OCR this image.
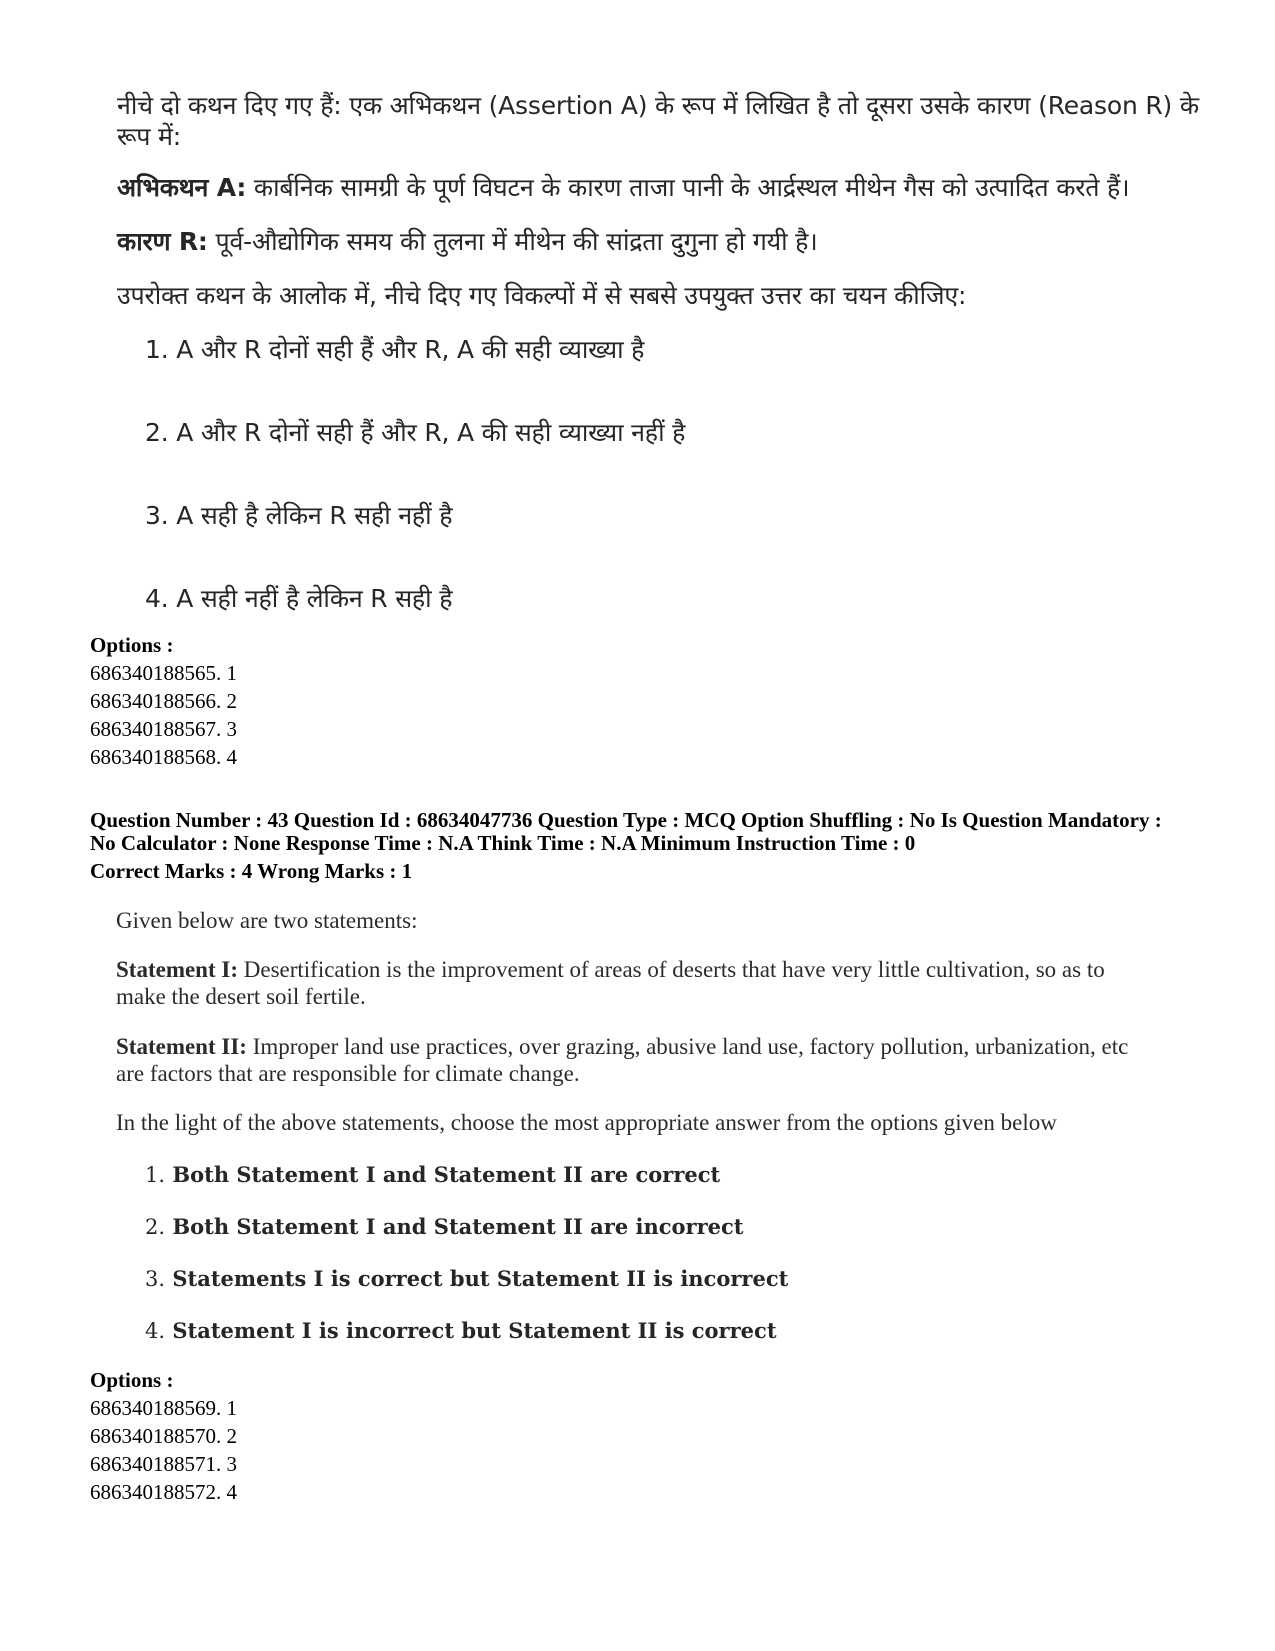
नीचे दो कथन दिए गए हैं: एक अभिकथन (Assertion A) के रूप में लिखित है तो दूसरा उसके कारण (Reason R) के
रूप में:
अभिकथन A: कार्बनिक सामग्री के पूर्ण विघटन के कारण ताजा पानी के आर्द्रस्थल मीथेन गैस को उत्पादित करते हैं।
कारण R: पूर्व-औद्योगिक समय की तुलना में मीथेन की सांद्रता दुगुना हो गयी है।
उपरोक्त कथन के आलोक में, नीचे दिए गए विकल्पों में से सबसे उपयुक्त उत्तर का चयन कीजिए:
1. A और R दोनों सही हैं और R, A की सही व्याख्या है
2. A और R दोनों सही हैं और R, A की सही व्याख्या नहीं है
3. A सही है लेकिन R सही नहीं है
4. A सही नहीं है लेकिन R सही है
Options :
686340188565. 1
686340188566. 2
686340188567. 3
686340188568. 4
Question Number : 43 Question Id : 68634047736 Question Type : MCQ Option Shuffling : No Is Question Mandatory :
No Calculator : None Response Time : N.A Think Time : N.A Minimum Instruction Time : 0
Correct Marks : 4 Wrong Marks : 1
Given below are two statements:
Statement I: Desertification is the improvement of areas of deserts that have very little cultivation, so as to
make the desert soil fertile.
Statement II: Improper land use practices, over grazing, abusive land use, factory pollution, urbanization, etc
are factors that are responsible for climate change.
In the light of the above statements, choose the most appropriate answer from the options given below
1. Both Statement I and Statement II are correct
2. Both Statement I and Statement II are incorrect
3. Statements I is correct but Statement II is incorrect
4. Statement I is incorrect but Statement II is correct
Options :
686340188569. 1
686340188570. 2
686340188571. 3
686340188572. 4
